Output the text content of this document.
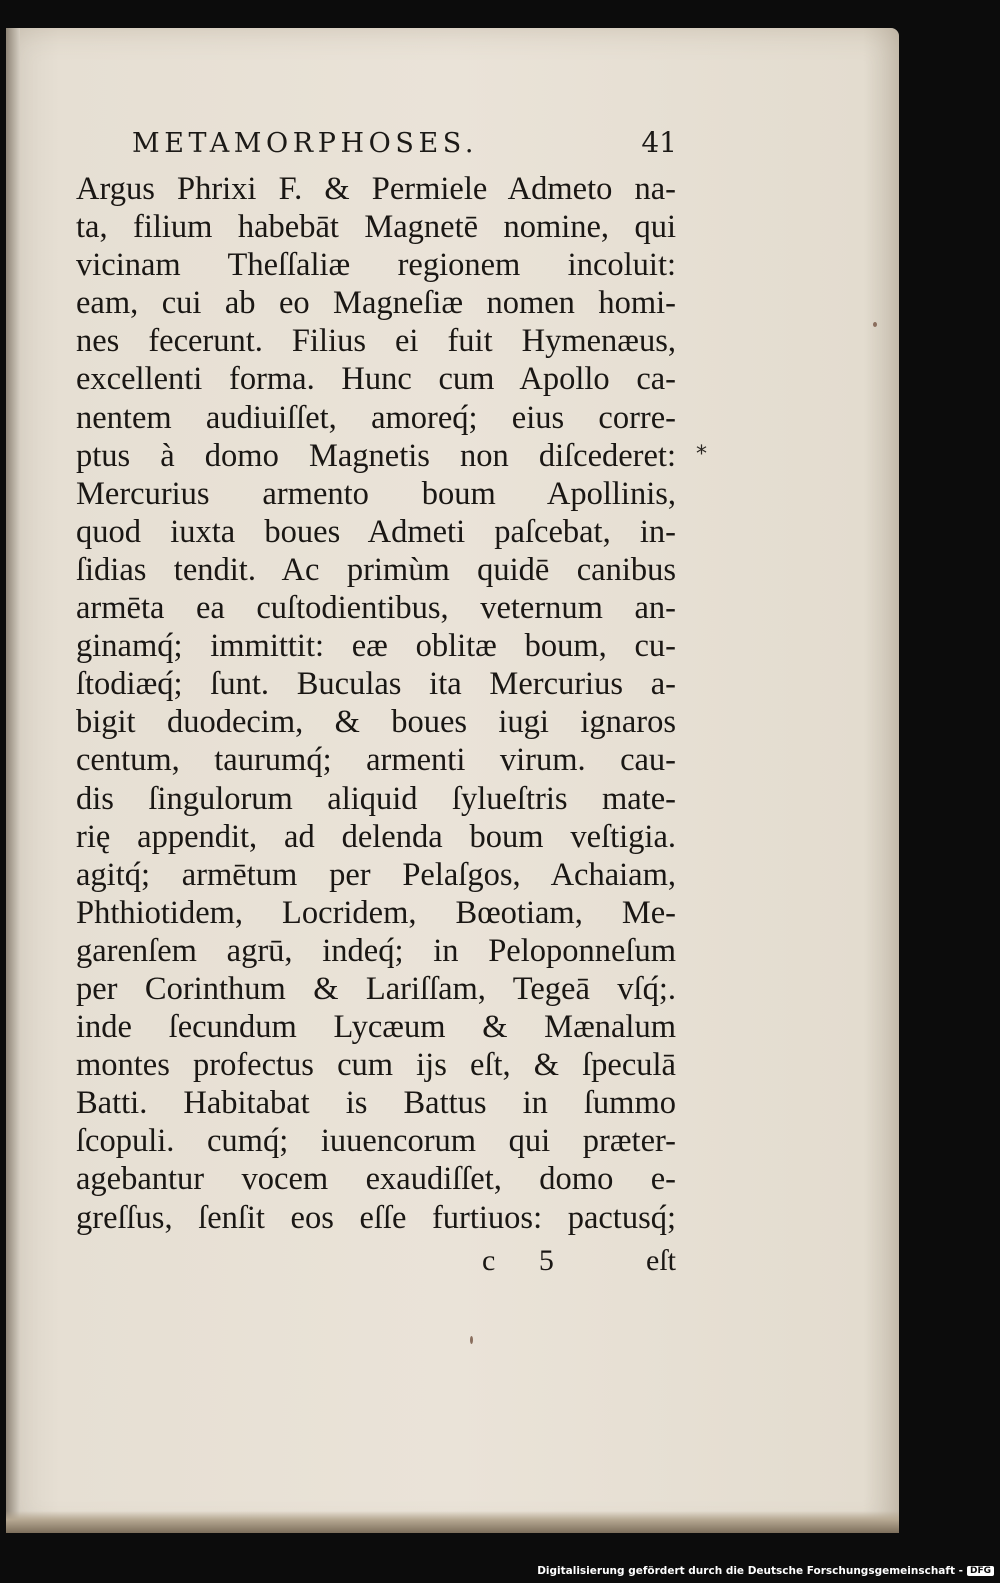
METAMORPHOSES.	41
Argus Phrixi F. & Permiele Admeto na-
ta, filium habebāt Magnetē nomine, qui
vicinam Theſſaliæ regionem incoluit:
eam, cui ab eo Magneſiæ nomen homi-
nes fecerunt. Filius ei fuit Hymenæus,
excellenti forma. Hunc cum Apollo ca-
nentem audiuiſſet, amoreq́; eius corre-
ptus à domo Magnetis non diſcederet:
Mercurius armento boum Apollinis,
quod iuxta boues Admeti paſcebat, in-
ſidias tendit. Ac primùm quidē canibus
armēta ea cuſtodientibus, veternum an-
ginamq́; immittit: eæ oblitæ boum, cu-
ſtodiæq́; ſunt. Buculas ita Mercurius a-
bigit duodecim, & boues iugi ignaros
centum, taurumq́; armenti virum. cau-
dis ſingulorum aliquid ſylueſtris mate-
rię appendit, ad delenda boum veſtigia.
agitq́; armētum per Pelaſgos, Achaiam,
Phthiotidem, Locridem, Bœotiam, Me-
garenſem agrū, indeq́; in Peloponneſum
per Corinthum & Lariſſam, Tegeā vſq́;.
inde ſecundum Lycæum & Mænalum
montes profectus cum ijs eſt, & ſpeculā
Batti. Habitabat is Battus in ſummo
ſcopuli. cumq́; iuuencorum qui præter-
agebantur vocem exaudiſſet, domo e-
greſſus, ſenſit eos eſſe furtiuos: pactusq́;
*
c 5 eſt
Digitalisierung gefördert durch die Deutsche Forschungsgemeinschaft - DFG
